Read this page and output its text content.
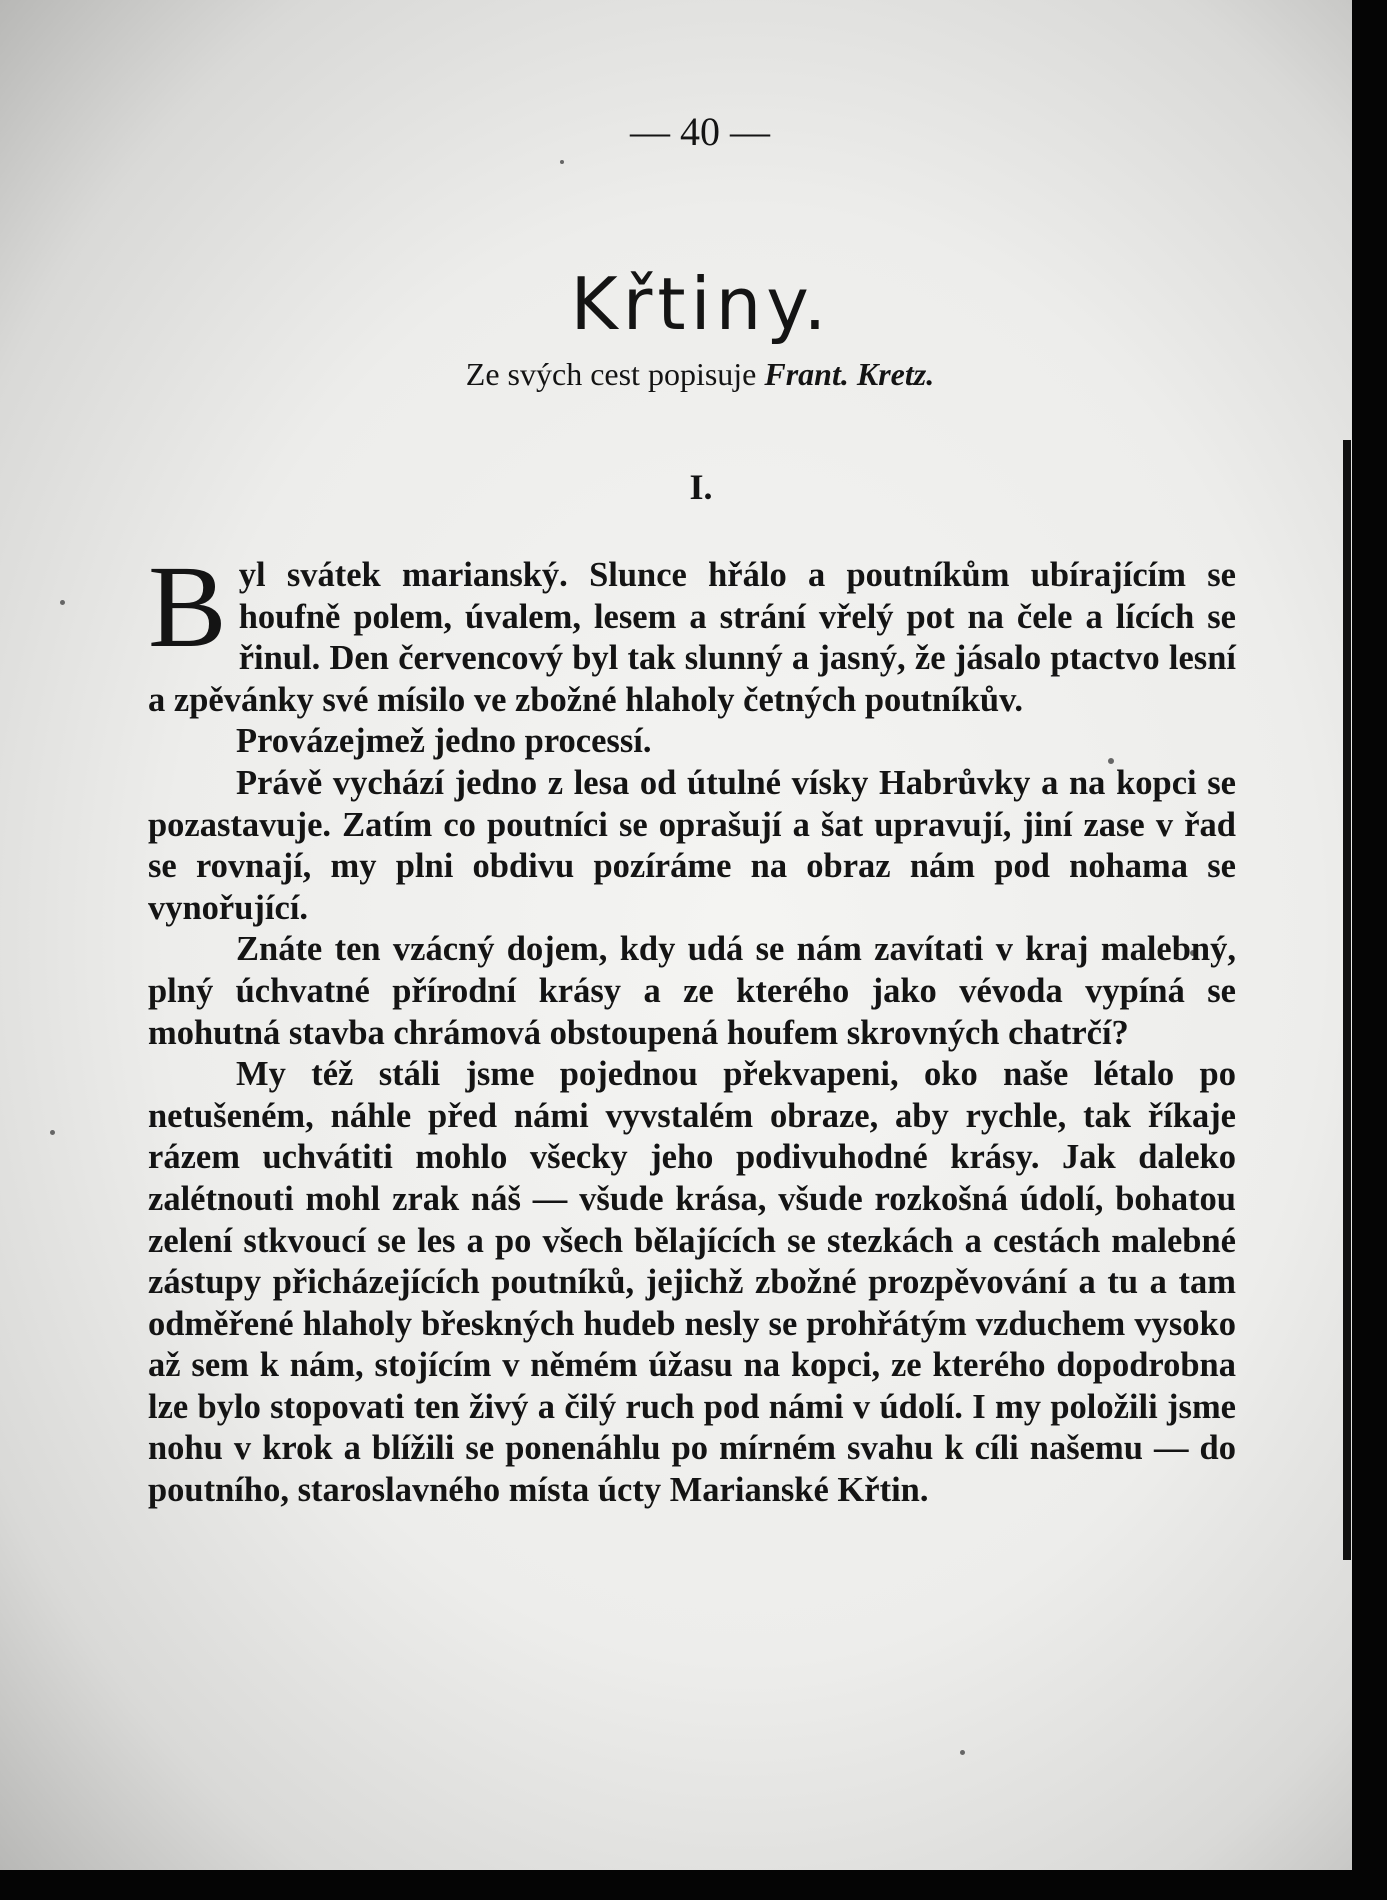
— 40 —
Křtiny.
Ze svých cest popisuje Frant. Kretz.
I.

Byl svátek marianský. Slunce hřálo a poutníkům ubírajícím se houfně polem, úvalem, lesem a strání vřelý pot na čele a lících se řinul. Den červencový byl tak slunný a jasný, že jásalo ptactvo lesní a zpěvánky své mísilo ve zbožné hlaholy četných poutníkův.

Provázejmež jedno processí.

Právě vychází jedno z lesa od útulné vísky Habrůvky a na kopci se pozastavuje. Zatím co poutníci se oprašují a šat upravují, jiní zase v řad se rovnají, my plni obdivu pozíráme na obraz nám pod nohama se vynořující.

Znáte ten vzácný dojem, kdy udá se nám zavítati v kraj malebný, plný úchvatné přírodní krásy a ze kterého jako vévoda vypíná se mohutná stavba chrámová obstoupená houfem skrovných chatrčí?

My též stáli jsme pojednou překvapeni, oko naše létalo po netušeném, náhle před námi vyvstalém obraze, aby rychle, tak říkaje rázem uchvátiti mohlo všecky jeho podivuhodné krásy. Jak daleko zalétnouti mohl zrak náš — všude krása, všude rozkošná údolí, bohatou zelení stkvoucí se les a po všech bělajících se stezkách a cestách malebné zástupy přicházejících poutníků, jejichž zbožné prozpěvování a tu a tam odměřené hlaholy břeskných hudeb nesly se prohřátým vzduchem vysoko až sem k nám, stojícím v němém úžasu na kopci, ze kterého dopodrobna lze bylo stopovati ten živý a čilý ruch pod námi v údolí. I my položili jsme nohu v krok a blížili se ponenáhlu po mírném svahu k cíli našemu — do poutního, staroslavného místa úcty Marianské Křtin.
